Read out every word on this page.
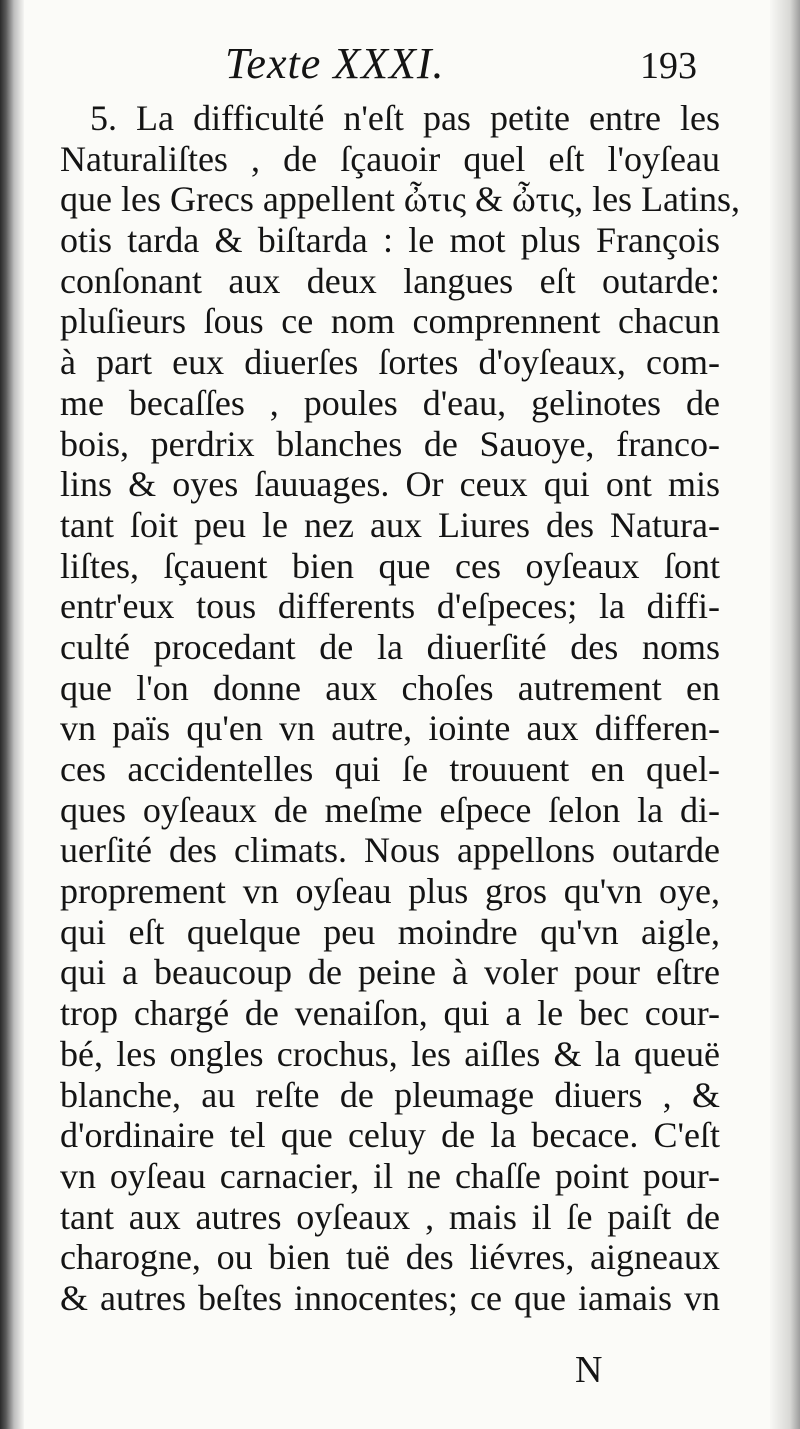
Texte XXXI.	193
5. La difficulté n'eſt pas petite entre les
Naturaliſtes , de ſçauoir quel eſt l'oyſeau
que les Grecs appellent ὦτις & ὦτις, les Latins,
otis tarda & biſtarda : le mot plus François
conſonant aux deux langues eſt outarde:
pluſieurs ſous ce nom comprennent chacun
à part eux diuerſes ſortes d'oyſeaux, com-
me becaſſes , poules d'eau, gelinotes de
bois, perdrix blanches de Sauoye, franco-
lins & oyes ſauuages. Or ceux qui ont mis
tant ſoit peu le nez aux Liures des Natura-
liſtes, ſçauent bien que ces oyſeaux ſont
entr'eux tous differents d'eſpeces; la diffi-
culté procedant de la diuerſité des noms
que l'on donne aux choſes autrement en
vn païs qu'en vn autre, iointe aux differen-
ces accidentelles qui ſe trouuent en quel-
ques oyſeaux de meſme eſpece ſelon la di-
uerſité des climats. Nous appellons outarde
proprement vn oyſeau plus gros qu'vn oye,
qui eſt quelque peu moindre qu'vn aigle,
qui a beaucoup de peine à voler pour eſtre
trop chargé de venaiſon, qui a le bec cour-
bé, les ongles crochus, les aiſles & la queuë
blanche, au reſte de pleumage diuers , &
d'ordinaire tel que celuy de la becace. C'eſt
vn oyſeau carnacier, il ne chaſſe point pour-
tant aux autres oyſeaux , mais il ſe paiſt de
charogne, ou bien tuë des liévres, aigneaux
& autres beſtes innocentes; ce que iamais vn
N
